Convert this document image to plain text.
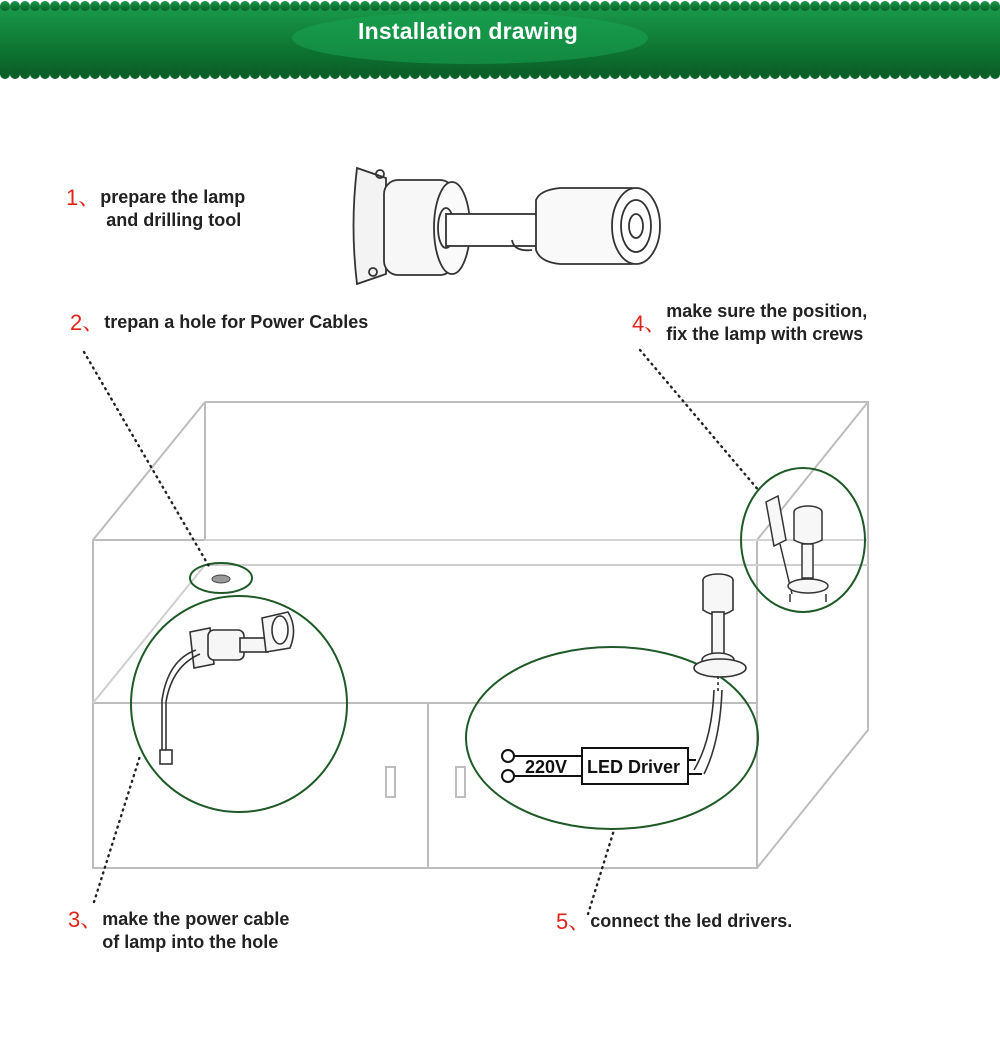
Installation drawing
220V LED Driver
1、 prepare the lamp
and drilling tool
2、 trepan a hole for Power Cables
3、 make the power cable
of lamp into the hole
4、 make sure the position,
fix the lamp with crews
5、 connect the led drivers.
